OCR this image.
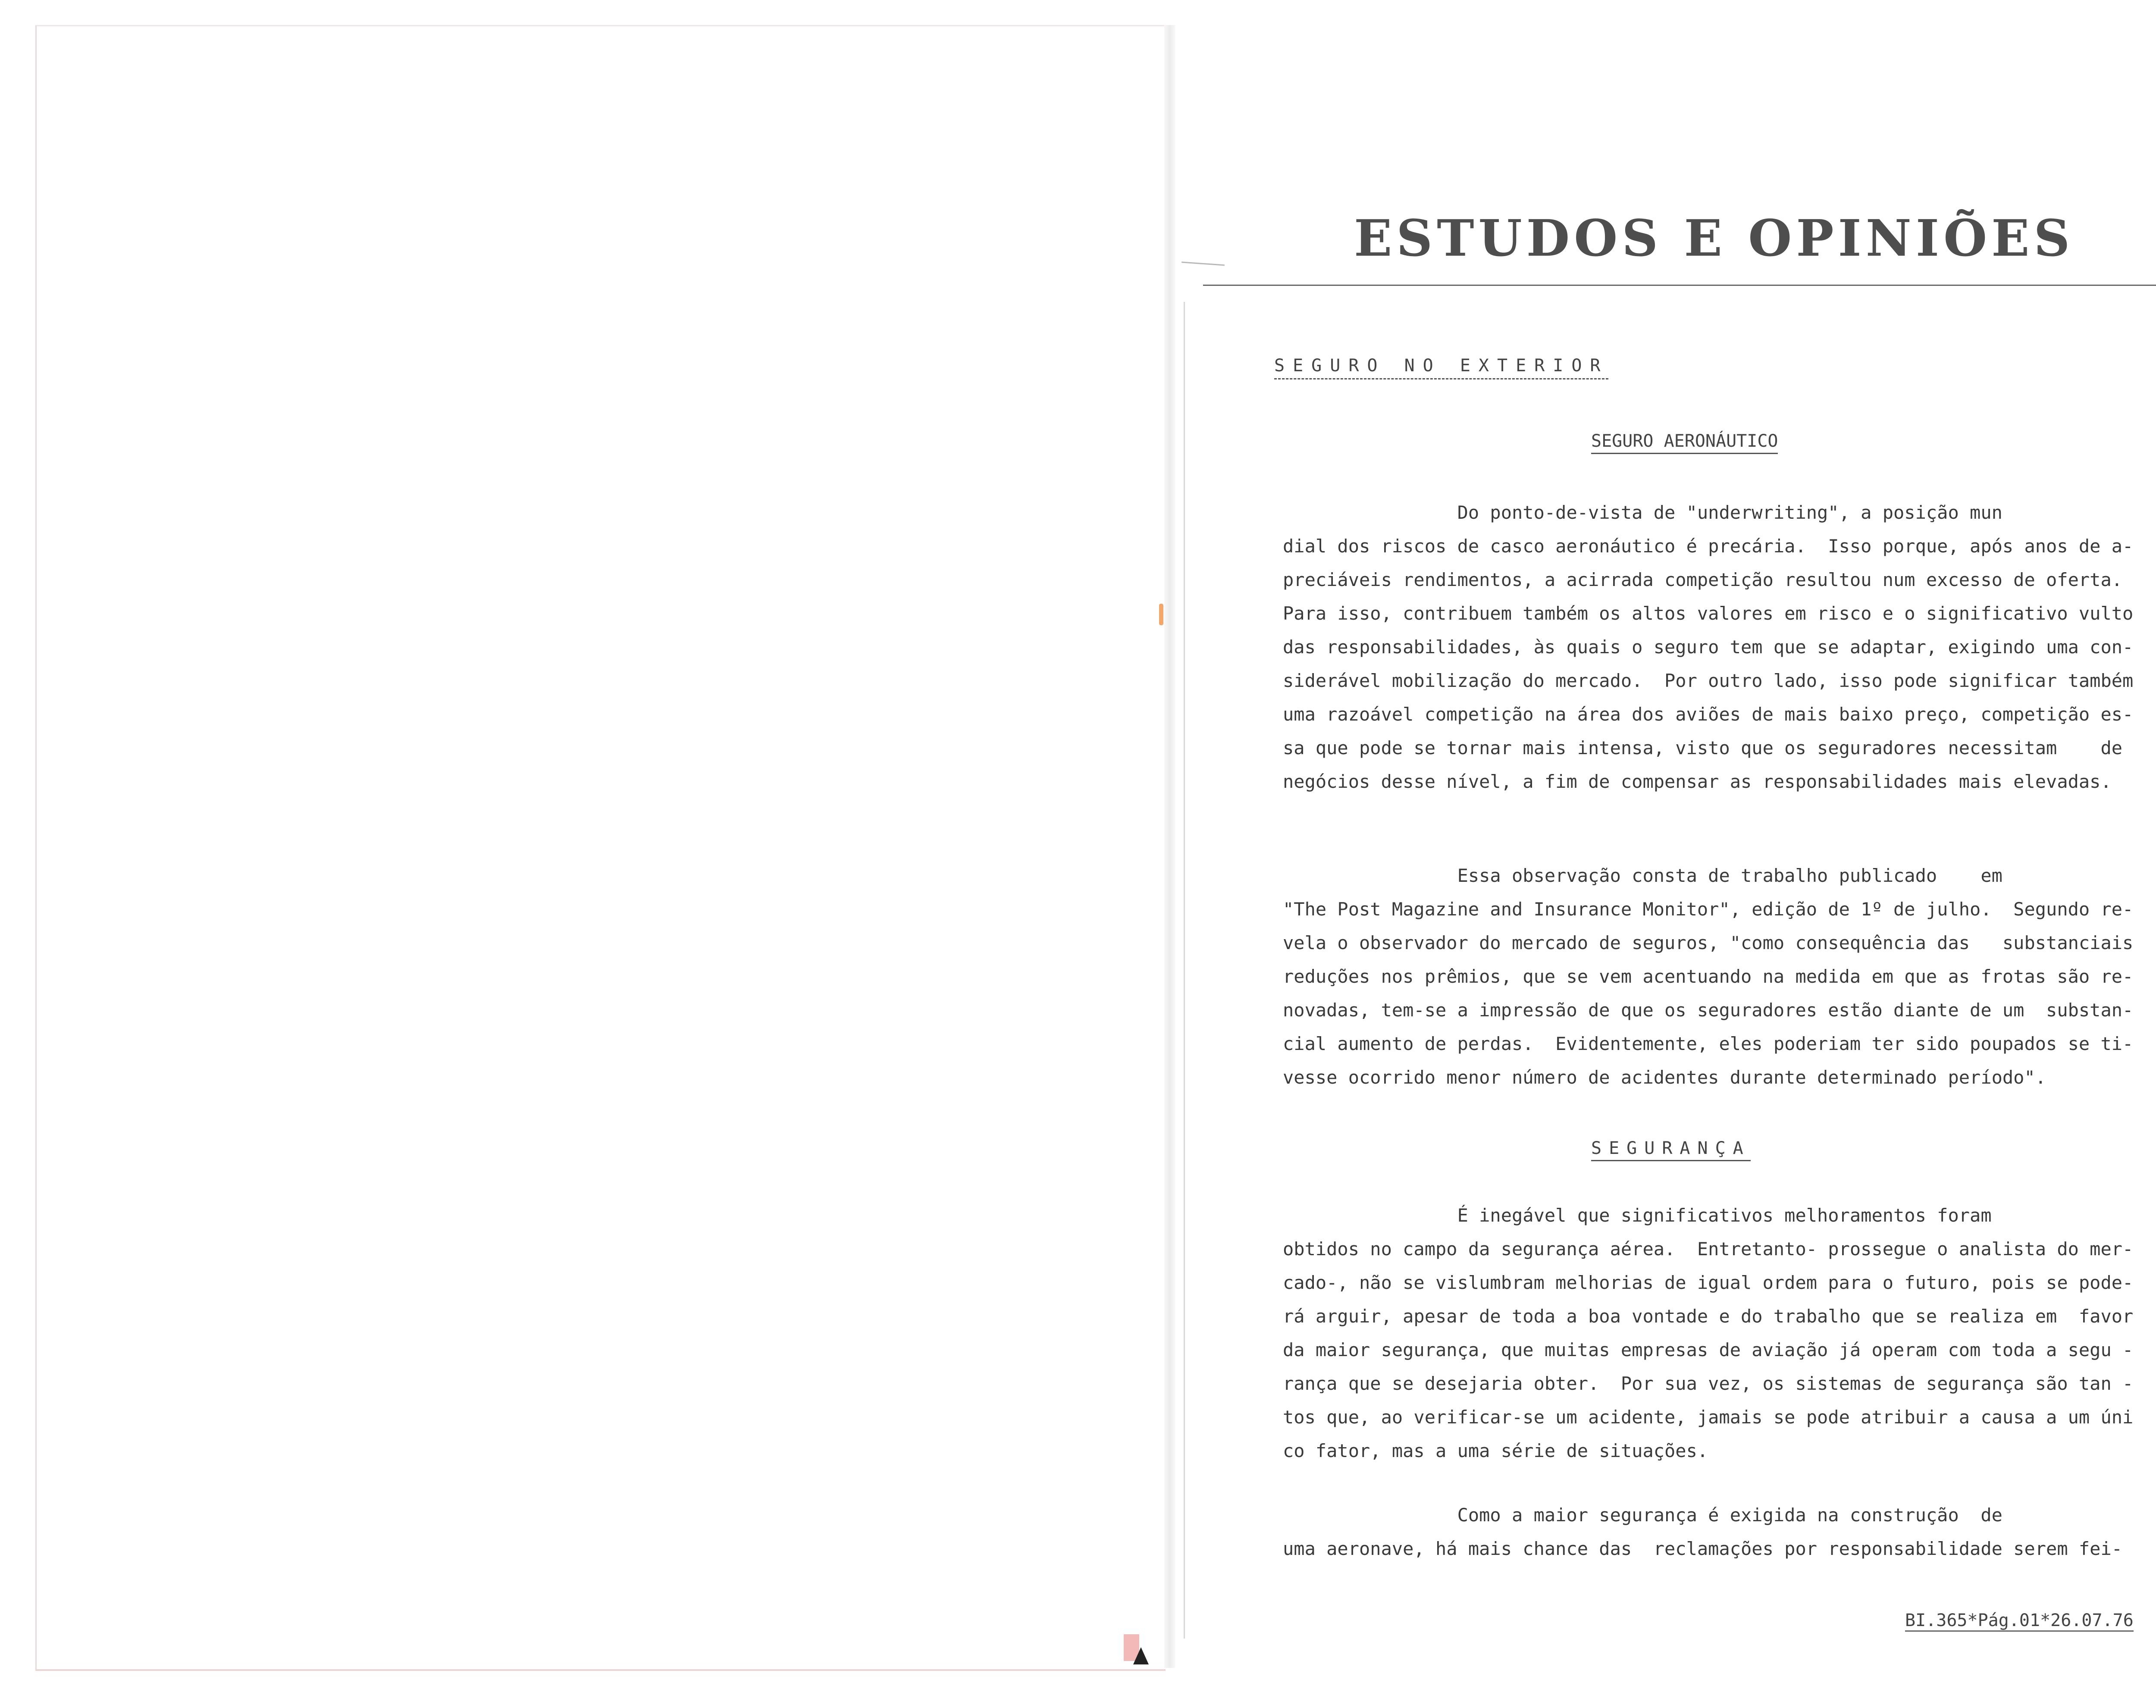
ESTUDOS E OPINIÕES
SEGURO NO EXTERIOR
SEGURO AERONÁUTICO
Do ponto-de-vista de "underwriting", a posição mun
dial dos riscos de casco aeronáutico é precária.  Isso porque, após anos de a-
preciáveis rendimentos, a acirrada competição resultou num excesso de oferta.
Para isso, contribuem também os altos valores em risco e o significativo vulto
das responsabilidades, às quais o seguro tem que se adaptar, exigindo uma con-
siderável mobilização do mercado.  Por outro lado, isso pode significar também
uma razoável competição na área dos aviões de mais baixo preço, competição es-
sa que pode se tornar mais intensa, visto que os seguradores necessitam    de
negócios desse nível, a fim de compensar as responsabilidades mais elevadas.
Essa observação consta de trabalho publicado    em
"The Post Magazine and Insurance Monitor", edição de 1º de julho.  Segundo re-
vela o observador do mercado de seguros, "como consequência das   substanciais
reduções nos prêmios, que se vem acentuando na medida em que as frotas são re-
novadas, tem-se a impressão de que os seguradores estão diante de um  substan-
cial aumento de perdas.  Evidentemente, eles poderiam ter sido poupados se ti-
vesse ocorrido menor número de acidentes durante determinado período".
SEGURANÇA
É inegável que significativos melhoramentos foram
obtidos no campo da segurança aérea.  Entretanto- prossegue o analista do mer-
cado-, não se vislumbram melhorias de igual ordem para o futuro, pois se pode-
rá arguir, apesar de toda a boa vontade e do trabalho que se realiza em  favor
da maior segurança, que muitas empresas de aviação já operam com toda a segu -
rança que se desejaria obter.  Por sua vez, os sistemas de segurança são tan -
tos que, ao verificar-se um acidente, jamais se pode atribuir a causa a um úni
co fator, mas a uma série de situações.
Como a maior segurança é exigida na construção  de
uma aeronave, há mais chance das  reclamações por responsabilidade serem fei-
BI.365*Pág.01*26.07.76
